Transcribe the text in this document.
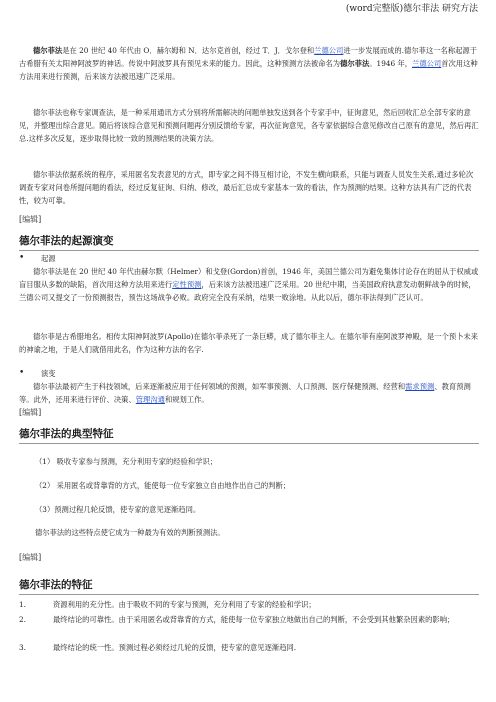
(word完整版)德尔菲法 研究方法

德尔菲法是在 20 世纪 40 年代由 O．赫尔姆和 N．达尔克首创，经过 T．J．戈尔登和兰德公司进一步发展而成的.德尔菲这一名称起源于古希腊有关太阳神阿波罗的神话。传说中阿波罗具有预见未来的能力。因此，这种预测方法被命名为德尔菲法。1946 年，兰德公司首次用这种方法用来进行预测，后来该方法被迅速广泛采用。

德尔菲法也称专家调查法，是一种采用通讯方式分别将所需解决的问题单独发送到各个专家手中，征询意见，然后回收汇总全部专家的意见，并整理出综合意见。随后将该综合意见和预测问题再分别反馈给专家，再次征询意见，各专家依据综合意见修改自己原有的意见，然后再汇总.这样多次反复，逐步取得比较一致的预测结果的决策方法。

德尔菲法依据系统的程序，采用匿名发表意见的方式，即专家之间不得互相讨论，不发生横向联系，只能与调查人员发生关系,通过多轮次调查专家对问卷所提问题的看法，经过反复征询、归纳、修改，最后汇总成专家基本一致的看法，作为预测的结果。这种方法具有广泛的代表性，较为可靠。

[编辑]
德尔菲法的起源演变
•	起源

德尔菲法是在 20 世纪 40 年代由赫尔默（Helmer）和戈登(Gordon)首创，1946 年，美国兰德公司为避免集体讨论存在的屈从于权威或盲目服从多数的缺陷，首次用这种方法用来进行定性预测，后来该方法被迅速广泛采用。20 世纪中期，当美国政府执意发动朝鲜战争的时候，兰德公司又提交了一份预测报告，预告这场战争必败。政府完全没有采纳，结果一败涂地。从此以后，德尔菲法得到广泛认可。

德尔菲是古希腊地名。相传太阳神阿波罗(Apollo)在德尔菲杀死了一条巨蟒，成了德尔菲主人。在德尔菲有座阿波罗神殿，是一个预卜未来的神谕之地，于是人们就借用此名，作为这种方法的名字.

•	演变

德尔菲法最初产生于科技领域，后来逐渐被应用于任何领域的预测，如军事预测、人口预测、医疗保健预测、经营和需求预测、教育预测等。此外，还用来进行评价、决策、管理沟通和规划工作。

[编辑]
德尔菲法的典型特征
（1） 吸收专家参与预测，充分利用专家的经验和学识；
（2） 采用匿名或背靠背的方式，能使每一位专家独立自由地作出自己的判断；
（3）预测过程几轮反馈，使专家的意见逐渐趋同。
德尔菲法的这些特点使它成为一种最为有效的判断预测法。
[编辑]
德尔菲法的特征
1.	资源利用的充分性。由于吸收不同的专家与预测，充分利用了专家的经验和学识；

2.	最终结论的可靠性。由于采用匿名或背靠背的方式，能使每一位专家独立地做出自己的判断，不会受到其他繁杂因素的影响；

3.	最终结论的统一性。预测过程必须经过几轮的反馈，使专家的意见逐渐趋同.
